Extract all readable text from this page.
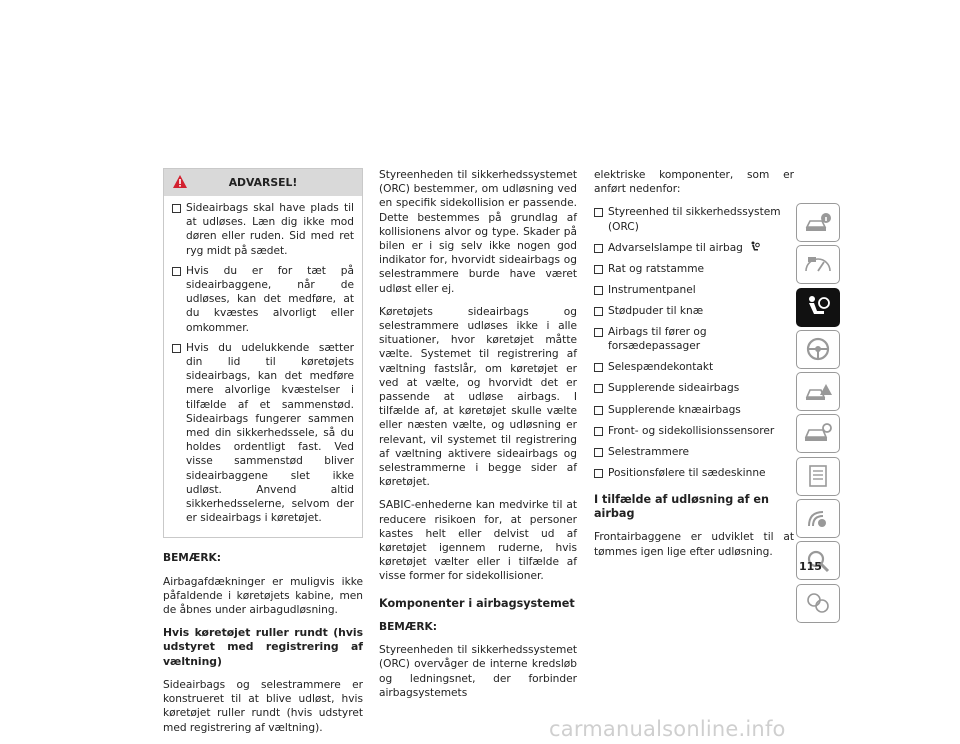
ADVARSEL!
Sideairbags skal have plads til at udløses. Læn dig ikke mod døren eller ruden. Sid med ret ryg midt på sædet.
Hvis du er for tæt på sideairbaggene, når de udløses, kan det medføre, at du kvæstes alvorligt eller omkommer.
Hvis du udelukkende sætter din lid til køretøjets sideairbags, kan det medføre mere alvorlige kvæstelser i tilfælde af et sammenstød. Sideairbags fungerer sammen med din sikkerhedssele, så du holdes ordentligt fast. Ved visse sammenstød bliver sideairbaggene slet ikke udløst. Anvend altid sikkerhedsselerne, selvom der er sideairbags i køretøjet.

BEMÆRK:

Airbagafdækninger er muligvis ikke påfaldende i køretøjets kabine, men de åbnes under airbagudløsning.

Hvis køretøjet ruller rundt (hvis udstyret med registrering af væltning)

Sideairbags og selestrammere er konstrueret til at blive udløst, hvis køretøjet ruller rundt (hvis udstyret med registrering af væltning).

Styreenheden til sikkerhedssystemet (ORC) bestemmer, om udløsning ved en specifik sidekollision er passende. Dette bestemmes på grundlag af kollisionens alvor og type. Skader på bilen er i sig selv ikke nogen god indikator for, hvorvidt sideairbags og selestrammere burde have været udløst eller ej.

Køretøjets sideairbags og selestrammere udløses ikke i alle situationer, hvor køretøjet måtte vælte. Systemet til registrering af væltning fastslår, om køretøjet er ved at vælte, og hvorvidt det er passende at udløse airbags. I tilfælde af, at køretøjet skulle vælte eller næsten vælte, og udløsning er relevant, vil systemet til registrering af væltning aktivere sideairbags og selestrammerne i begge sider af køretøjet.

SABIC-enhederne kan medvirke til at reducere risikoen for, at personer kastes helt eller delvist ud af køretøjet igennem ruderne, hvis køretøjet vælter eller i tilfælde af visse former for sidekollisioner.

Komponenter i airbagsystemet

BEMÆRK:

Styreenheden til sikkerhedssystemet (ORC) overvåger de interne kredsløb og ledningsnet, der forbinder airbagsystemets

elektriske komponenter, som er anført nedenfor:

Styreenhed til sikkerhedssystem (ORC)
Advarselslampe til airbag
Rat og ratstamme
Instrumentpanel
Stødpuder til knæ
Airbags til fører og forsædepassager
Selespændekontakt
Supplerende sideairbags
Supplerende knæairbags
Front- og sidekollisionssensorer
Selestrammere
Positionsfølere til sædeskinne
I tilfælde af udløsning af en airbag

Frontairbaggene er udviklet til at tømmes igen lige efter udløsning.

115
carmanualsonline.info
